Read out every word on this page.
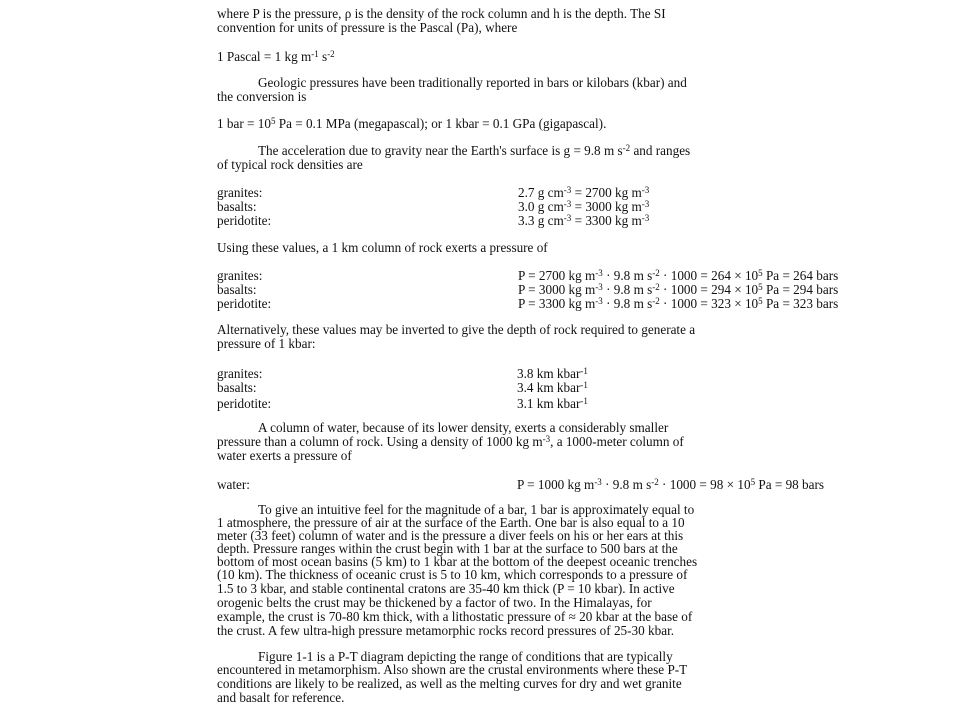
where P is the pressure, ρ is the density of the rock column and h is the depth. The SI

convention for units of pressure is the Pascal (Pa), where

1 Pascal = 1 kg $m^{-1}$ $s^{-2}$

Geologic pressures have been traditionally reported in bars or kilobars (kbar) and

the conversion is

1 bar = $10^5$ Pa = 0.1 MPa (megapascal); or 1 kbar = 0.1 GPa (gigapascal).

The acceleration due to gravity near the Earth's surface is g = 9.8 m $s^{-2}$ and ranges

of typical rock densities are

granites:	2.7 g $cm^{-3} = 2700$ kg $m^{-3}$

basalts:	3.0 g $cm^{-3} = 3000$ kg $m^{-3}$

peridotite:	3.3 g $cm^{-3} = 3300$ kg $m^{-3}$

Using these values, a 1 km column of rock exerts a pressure of

granites:	P = 2700 kg $m^{-3} \cdot 9.8$ m $s^{-2} \cdot 1000 = 264 \times 10^5$ Pa = 264 bars

basalts:	P = 3000 kg $m^{-3} \cdot 9.8$ m $s^{-2} \cdot 1000 = 294 \times 10^5$ Pa = 294 bars

peridotite:	P = 3300 kg $m^{-3} \cdot 9.8$ m $s^{-2} \cdot 1000 = 323 \times 10^5$ Pa = 323 bars

Alternatively, these values may be inverted to give the depth of rock required to generate a

pressure of 1 kbar:

granites:	3.8 km kbar$^{-1}$

basalts:	3.4 km kbar$^{-1}$

peridotite:	3.1 km kbar$^{-1}$

A column of water, because of its lower density, exerts a considerably smaller

pressure than a column of rock. Using a density of 1000 kg $m^{-3}$, a 1000-meter column of

water exerts a pressure of

water:	P = 1000 kg $m^{-3} \cdot 9.8$ m $s^{-2} \cdot 1000 = 98 \times 10^5$ Pa = 98 bars

To give an intuitive feel for the magnitude of a bar, 1 bar is approximately equal to

1 atmosphere, the pressure of air at the surface of the Earth. One bar is also equal to a 10

meter (33 feet) column of water and is the pressure a diver feels on his or her ears at this

depth. Pressure ranges within the crust begin with 1 bar at the surface to 500 bars at the

bottom of most ocean basins (5 km) to 1 kbar at the bottom of the deepest oceanic trenches

(10 km). The thickness of oceanic crust is 5 to 10 km, which corresponds to a pressure of

1.5 to 3 kbar, and stable continental cratons are 35-40 km thick (P = 10 kbar). In active

orogenic belts the crust may be thickened by a factor of two. In the Himalayas, for

example, the crust is 70-80 km thick, with a lithostatic pressure of ≈ 20 kbar at the base of

the crust. A few ultra-high pressure metamorphic rocks record pressures of 25-30 kbar.

Figure 1-1 is a P-T diagram depicting the range of conditions that are typically

encountered in metamorphism. Also shown are the crustal environments where these P-T

conditions are likely to be realized, as well as the melting curves for dry and wet granite

and basalt for reference.
